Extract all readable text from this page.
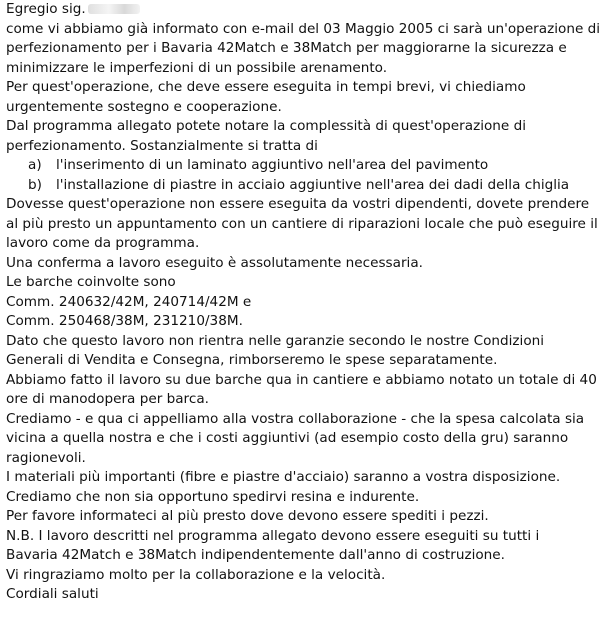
Egregio sig.
come vi abbiamo già informato con e-mail del 03 Maggio 2005 ci sarà un'operazione di
perfezionamento per i Bavaria 42Match e 38Match per maggiorarne la sicurezza e
minimizzare le imperfezioni di un possibile arenamento.
Per quest'operazione, che deve essere eseguita in tempi brevi, vi chiediamo
urgentemente sostegno e cooperazione.
Dal programma allegato potete notare la complessità di quest'operazione di
perfezionamento. Sostanzialmente si tratta di
a) l'inserimento di un laminato aggiuntivo nell'area del pavimento
b) l'installazione di piastre in acciaio aggiuntive nell'area dei dadi della chiglia
Dovesse quest'operazione non essere eseguita da vostri dipendenti, dovete prendere
al più presto un appuntamento con un cantiere di riparazioni locale che può eseguire il
lavoro come da programma.
Una conferma a lavoro eseguito è assolutamente necessaria.
Le barche coinvolte sono
Comm. 240632/42M, 240714/42M e
Comm. 250468/38M, 231210/38M.
Dato che questo lavoro non rientra nelle garanzie secondo le nostre Condizioni
Generali di Vendita e Consegna, rimborseremo le spese separatamente.
Abbiamo fatto il lavoro su due barche qua in cantiere e abbiamo notato un totale di 40
ore di manodopera per barca.
Crediamo - e qua ci appelliamo alla vostra collaborazione - che la spesa calcolata sia
vicina a quella nostra e che i costi aggiuntivi (ad esempio costo della gru) saranno
ragionevoli.
I materiali più importanti (fibre e piastre d'acciaio) saranno a vostra disposizione.
Crediamo che non sia opportuno spedirvi resina e indurente.
Per favore informateci al più presto dove devono essere spediti i pezzi.
N.B. I lavoro descritti nel programma allegato devono essere eseguiti su tutti i
Bavaria 42Match e 38Match indipendentemente dall'anno di costruzione.
Vi ringraziamo molto per la collaborazione e la velocità.
Cordiali saluti
